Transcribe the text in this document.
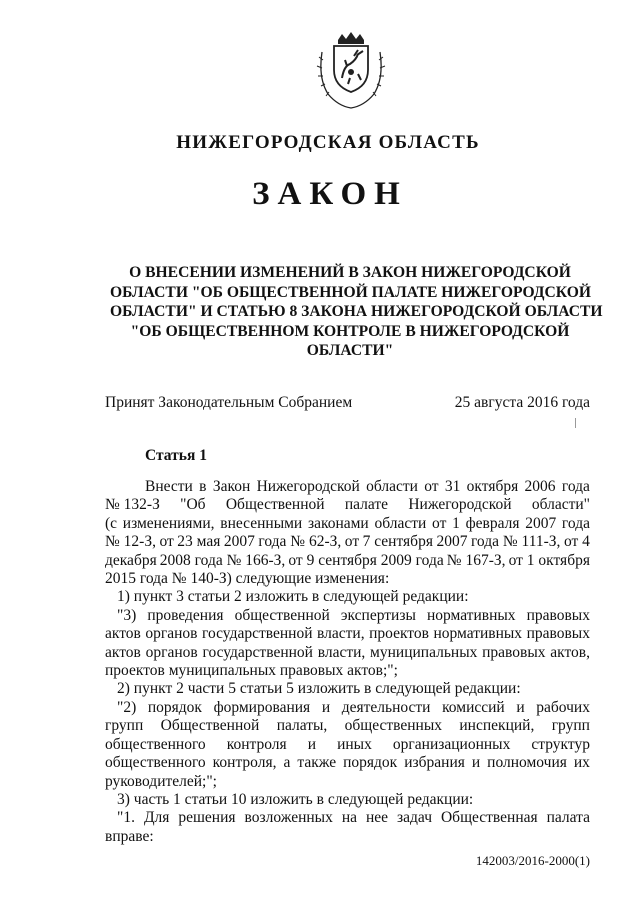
НИЖЕГОРОДСКАЯ ОБЛАСТЬ
ЗАКОН
О ВНЕСЕНИИ ИЗМЕНЕНИЙ В ЗАКОН НИЖЕГОРОДСКОЙ
ОБЛАСТИ "ОБ ОБЩЕСТВЕННОЙ ПАЛАТЕ НИЖЕГОРОДСКОЙ
ОБЛАСТИ" И СТАТЬЮ 8 ЗАКОНА НИЖЕГОРОДСКОЙ ОБЛАСТИ
"ОБ ОБЩЕСТВЕННОМ КОНТРОЛЕ В НИЖЕГОРОДСКОЙ
ОБЛАСТИ"
Принят Законодательным Собранием	25 августа 2016 года
Статья 1
Внести в Закон Нижегородской области от 31 октября 2006 года
№ 132-З "Об Общественной палате Нижегородской области"
(с изменениями, внесенными законами области от 1 февраля 2007 года
№ 12-З, от 23 мая 2007 года № 62-З, от 7 сентября 2007 года № 111-З, от 4
декабря 2008 года № 166-З, от 9 сентября 2009 года № 167-З, от 1 октября
2015 года № 140-З) следующие изменения:
1) пункт 3 статьи 2 изложить в следующей редакции:
"3) проведения общественной экспертизы нормативных правовых
актов органов государственной власти, проектов нормативных правовых
актов органов государственной власти, муниципальных правовых актов,
проектов муниципальных правовых актов;";
2) пункт 2 части 5 статьи 5 изложить в следующей редакции:
"2) порядок формирования и деятельности комиссий и рабочих
групп Общественной палаты, общественных инспекций, групп
общественного контроля и иных организационных структур
общественного контроля, а также порядок избрания и полномочия их
руководителей;";
3) часть 1 статьи 10 изложить в следующей редакции:
"1. Для решения возложенных на нее задач Общественная палата
вправе:
142003/2016-2000(1)
